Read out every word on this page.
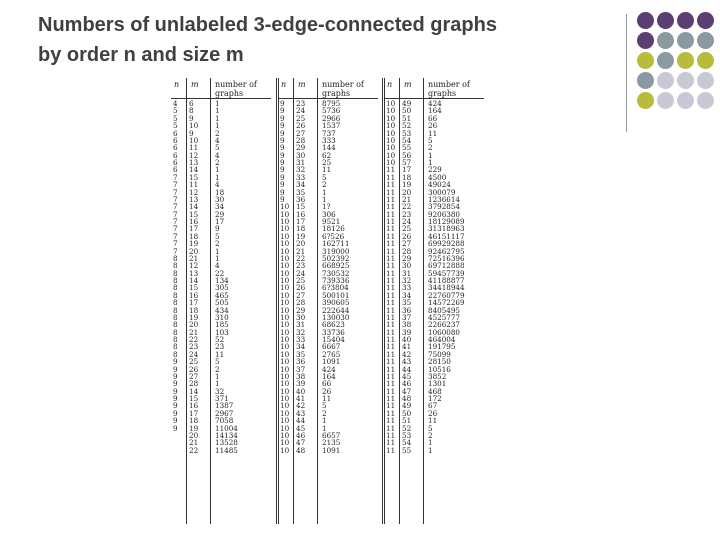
Numbers of unlabeled 3-edge-connected graphs
by order n and size m
n m number of graphs
4
5
5
5
6
6
6
6
6
6
7
7
7
7
7
7
7
7
7
7
7
8
8
8
8
8
8
8
8
8
8
8
8
8
8
9
9
9
9
9
9
9
9
9
9
6
8
9
10
9
10
11
12
13
14
15
11
12
13
14
15
16
17
18
19
20
21
12
13
14
15
16
17
18
19
20
21
22
23
24
25
26
27
28
14
15
16
17
18
19
20
21
22
1
1
1
1
2
4
5
4
2
1
1
4
18
30
34
29
17
9
5
2
1
1
4
22
134
305
465
505
434
310
185
103
52
23
11
5
2
1
1
32
371
1387
2967
7058
11004
14134
13528
11485
n m number of graphs
9
9
9
9
9
9
9
9
9
9
9
9
9
9
10
10
10
10
10
10
10
10
10
10
10
10
10
10
10
10
10
10
10
10
10
10
10
10
10
10
10
10
10
10
10
10
10
10
23
24
25
26
27
28
29
30
31
32
33
34
35
36
15
16
17
18
19
20
21
22
23
24
25
26
27
28
29
30
31
32
33
34
35
36
37
38
39
40
41
42
43
44
45
46
47
48
8795
5736
2966
1537
737
333
144
62
25
11
5
2
1
1
1?
306
9521
18126
6?526
162711
319000
502392
668925
730532
739336
6?3804
500101
390605
222644
130030
68623
33736
15404
6667
2765
1091
424
164
66
26
11
5
2
1
1
6657
2135
1091
n m number of graphs
10
10
10
10
10
10
10
10
10
11
11
11
11
11
11
11
11
11
11
11
11
11
11
11
11
11
11
11
11
11
11
11
11
11
11
11
11
11
11
11
11
11
11
11
11
11
11
11
49
50
51
52
53
54
55
56
57
17
18
19
20
21
22
23
24
25
26
27
28
29
30
31
32
33
34
35
36
37
38
39
40
41
42
43
44
45
46
47
48
49
50
51
52
53
54
55
424
164
66
26
11
5
2
1
1
229
4500
49024
300079
1236614
3792854
9206380
18129089
31318963
46151117
69929288
92462795
72516396
69712888
59457739
41188877
34418944
22760779
14572269
8405495
4525777
2266237
1060080
464004
191795
75099
28150
10516
3852
1301
468
172
67
26
11
5
2
1
1
